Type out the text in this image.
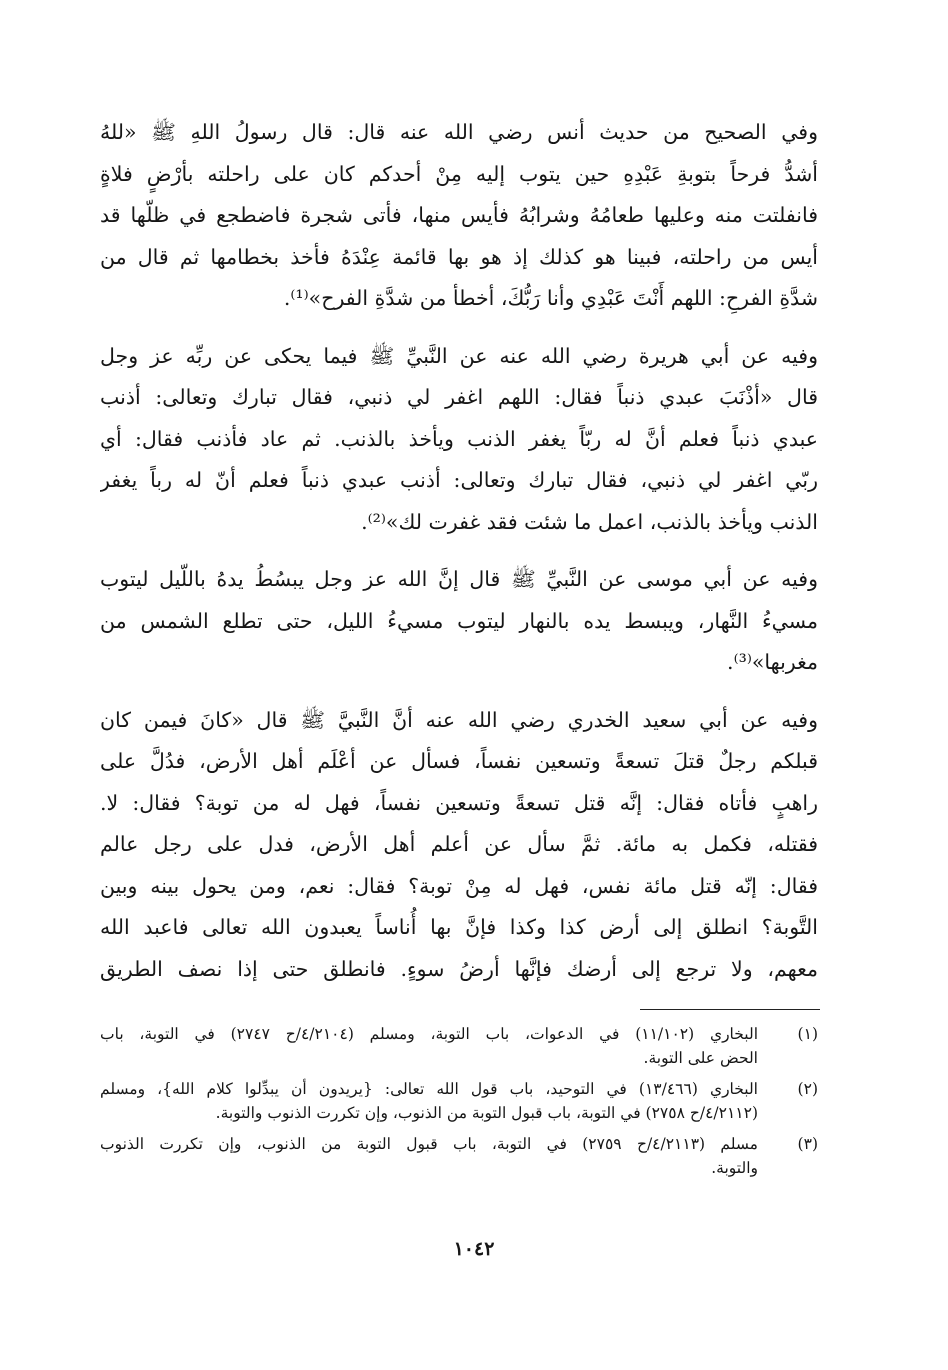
وفي الصحيح من حديث أنس رضي الله عنه قال: قال رسولُ اللهِ ﷺ «للهُ
أشدُّ فرحاً بتوبةِ عَبْدِهِ حين يتوب إليه مِنْ أحدكم كان على راحلته بأرْضٍ فلاةٍ
فانفلتت منه وعليها طعامُهُ وشرابُهُ فأيس منها، فأتى شجرة فاضطجع في ظلّها قد
أيس من راحلته، فبينا هو كذلك إذ هو بها قائمة عِنْدَهُ فأخذ بخطامها ثم قال من
شدَّةِ الفرحِ: اللهم أَنْتَ عَبْدِي وأنا رَبُّكَ، أخطأ من شدَّةِ الفرح»⁽¹⁾.

وفيه عن أبي هريرة رضي الله عنه عن النَّبيِّ ﷺ فيما يحكى عن ربِّه عز وجل
قال «أذْنَبَ عبدي ذنباً فقال: اللهم اغفر لي ذنبي، فقال تبارك وتعالى: أذنب
عبدي ذنباً فعلم أنَّ له ربّاً يغفر الذنب ويأخذ بالذنب. ثم عاد فأذنب فقال: أي
ربّي اغفر لي ذنبي، فقال تبارك وتعالى: أذنب عبدي ذنباً فعلم أنّ له رباً يغفر
الذنب ويأخذ بالذنب، اعمل ما شئت فقد غفرت لك»⁽²⁾.

وفيه عن أبي موسى عن النَّبيِّ ﷺ قال إنَّ الله عز وجل يبسُطُ يدهُ باللّيل ليتوب
مسيءُ النَّهار، ويبسط يده بالنهار ليتوب مسيءُ الليل، حتى تطلع الشمس من
مغربها»⁽³⁾.

وفيه عن أبي سعيد الخدري رضي الله عنه أنَّ النَّبيَّ ﷺ قال «كانَ فيمن كان
قبلكم رجلٌ قتلَ تسعةً وتسعين نفساً، فسأل عن أعْلَم أهل الأرض، فدُلَّ على
راهبٍ فأتاه فقال: إنَّه قتل تسعةً وتسعين نفساً، فهل له من توبة؟ فقال: لا.
فقتله، فكمل به مائة. ثمَّ سأل عن أعلم أهل الأرض، فدل على رجل عالم
فقال: إنّه قتل مائة نفس، فهل له مِنْ توبة؟ فقال: نعم، ومن يحول بينه وبين
التَّوبة؟ انطلق إلى أرض كذا وكذا فإنَّ بها أُناساً يعبدون الله تعالى فاعبد الله
معهم، ولا ترجع إلى أرضك فإنَّها أرضُ سوءٍ. فانطلق حتى إذا نصف الطريق

(١)
البخاري (١١/١٠٢) في الدعوات، باب التوبة، ومسلم (٤/٢١٠٤/ح ٢٧٤٧) في التوبة، باب
الحض على التوبة.
(٢)
البخاري (١٣/٤٦٦) في التوحيد، باب قول الله تعالى: {يريدون أن يبدِّلوا كلام الله}، ومسلم
(٤/٢١١٢/ح ٢٧٥٨) في التوبة، باب قبول التوبة من الذنوب، وإن تكررت الذنوب والتوبة.
(٣)
مسلم (٤/٢١١٣/ح ٢٧٥٩) في التوبة، باب قبول التوبة من الذنوب، وإن تكررت الذنوب
والتوبة.
١٠٤٢
